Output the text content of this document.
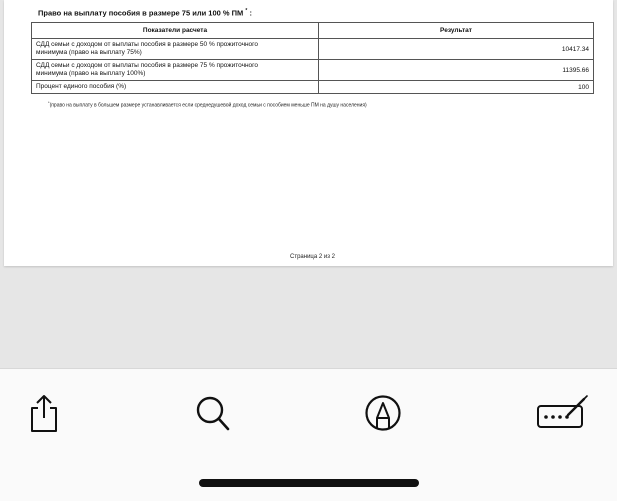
Право на выплату пособия в размере 75 или 100 % ПМ * :
Показатели расчета	Результат
СДД семьи с доходом от выплаты пособия в размере 50 % прожиточного
минимума (право на выплату 75%)	10417.34
СДД семьи с доходом от выплаты пособия в размере 75 % прожиточного
минимума (право на выплату 100%)	11395.66
Процент единого пособия (%)	100
*(право на выплату в большем размере устанавливается если среднедушевой доход семьи с пособием меньше ПМ на душу населения)
Страница 2 из 2
